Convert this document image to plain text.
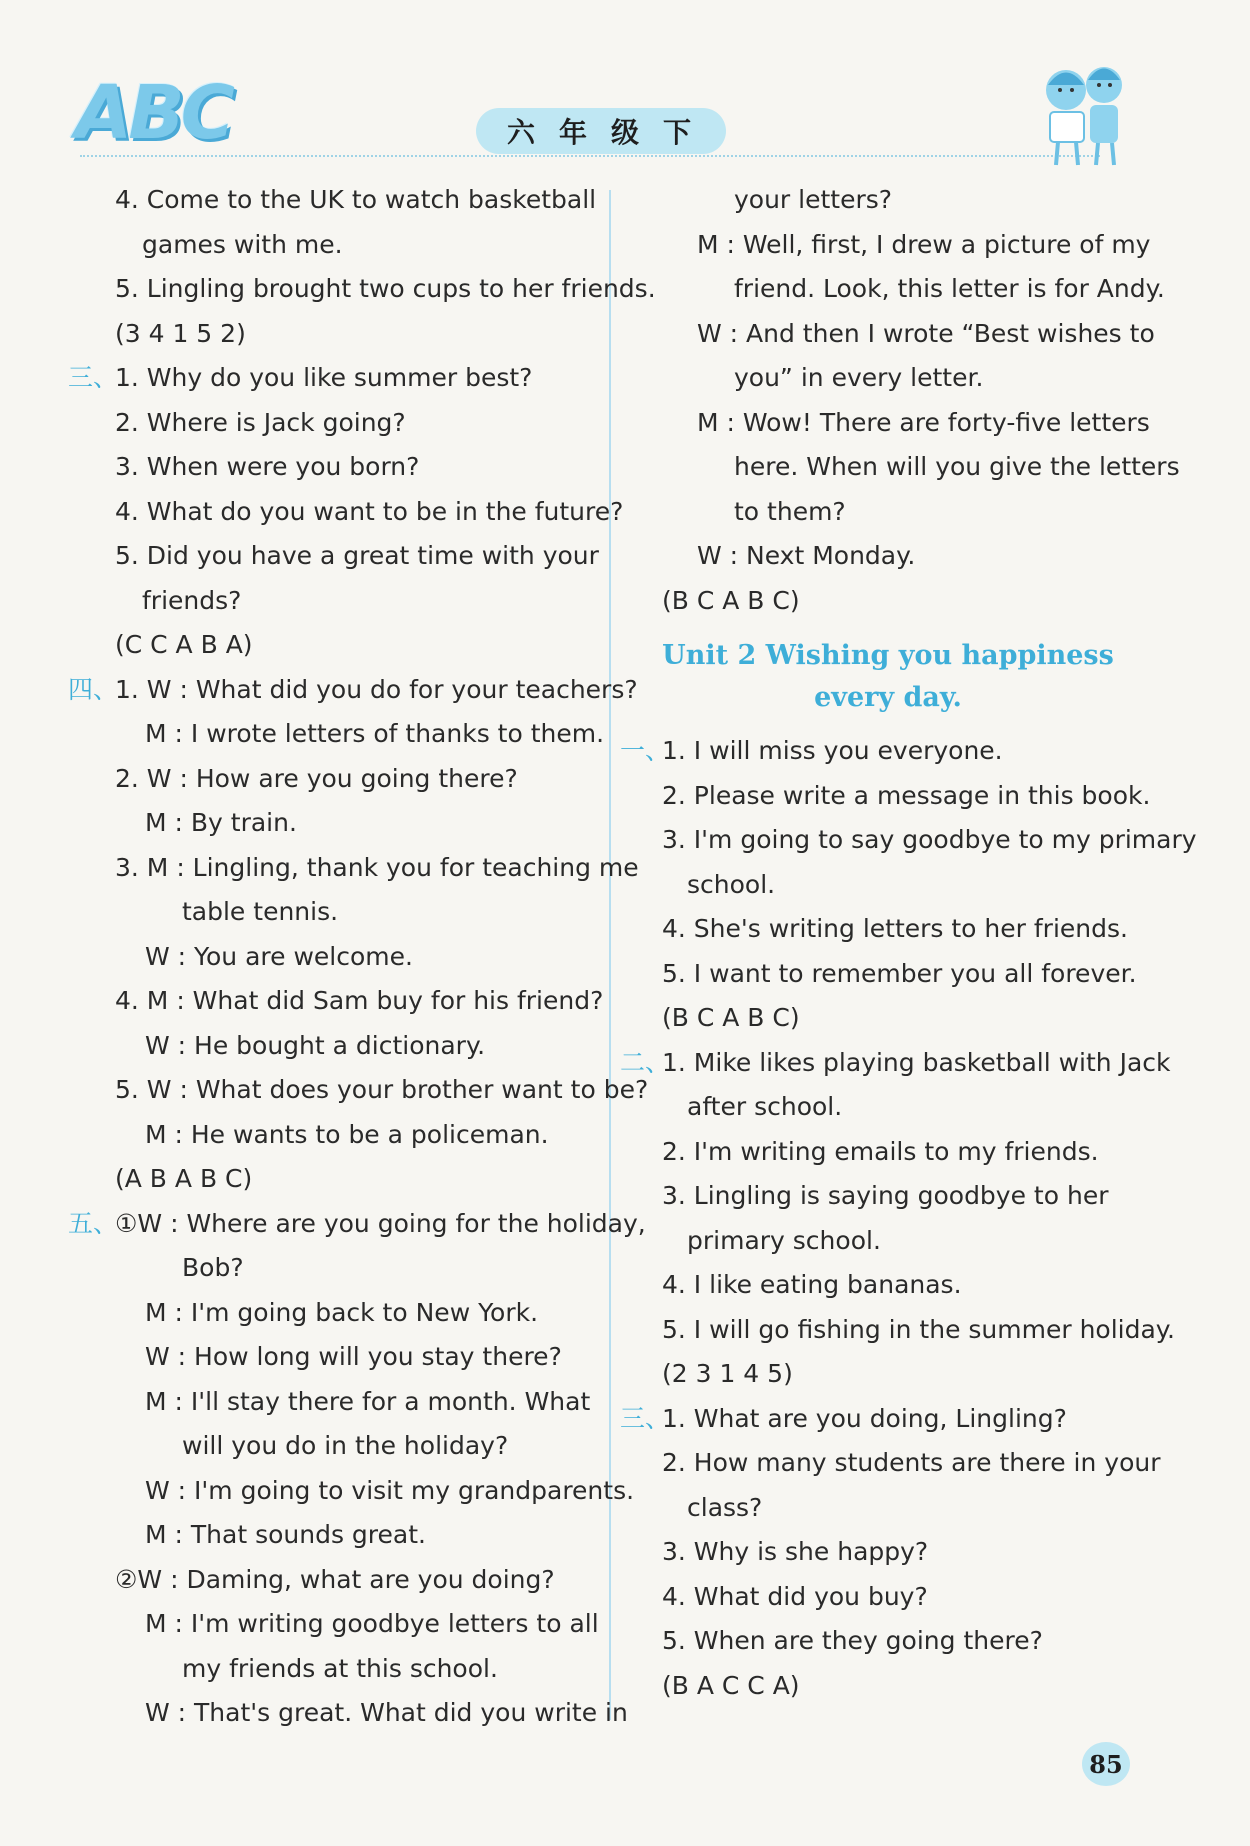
ABC	六年级下
4. Come to the UK to watch basketball
games with me.
5. Lingling brought two cups to her friends.
(3 4 1 5 2)
三、
1. Why do you like summer best?
2. Where is Jack going?
3. When were you born?
4. What do you want to be in the future?
5. Did you have a great time with your
friends?
(C C A B A)
四、
1. W : What did you do for your teachers?
M : I wrote letters of thanks to them.
2. W : How are you going there?
M : By train.
3. M : Lingling, thank you for teaching me
table tennis.
W : You are welcome.
4. M : What did Sam buy for his friend?
W : He bought a dictionary.
5. W : What does your brother want to be?
M : He wants to be a policeman.
(A B A B C)
五、
①W : Where are you going for the holiday,
Bob?
M : I'm going back to New York.
W : How long will you stay there?
M : I'll stay there for a month. What
will you do in the holiday?
W : I'm going to visit my grandparents.
M : That sounds great.
②W : Daming, what are you doing?
M : I'm writing goodbye letters to all
my friends at this school.
W : That's great. What did you write in
your letters?
M : Well, first, I drew a picture of my
friend. Look, this letter is for Andy.
W : And then I wrote “Best wishes to
you” in every letter.
M : Wow! There are forty-five letters
here. When will you give the letters
to them?
W : Next Monday.
(B C A B C)
Unit 2 Wishing you happiness
every day.
一、
1. I will miss you everyone.
2. Please write a message in this book.
3. I'm going to say goodbye to my primary
school.
4. She's writing letters to her friends.
5. I want to remember you all forever.
(B C A B C)
二、
1. Mike likes playing basketball with Jack
after school.
2. I'm writing emails to my friends.
3. Lingling is saying goodbye to her
primary school.
4. I like eating bananas.
5. I will go fishing in the summer holiday.
(2 3 1 4 5)
三、
1. What are you doing, Lingling?
2. How many students are there in your
class?
3. Why is she happy?
4. What did you buy?
5. When are they going there?
(B A C C A)
85
